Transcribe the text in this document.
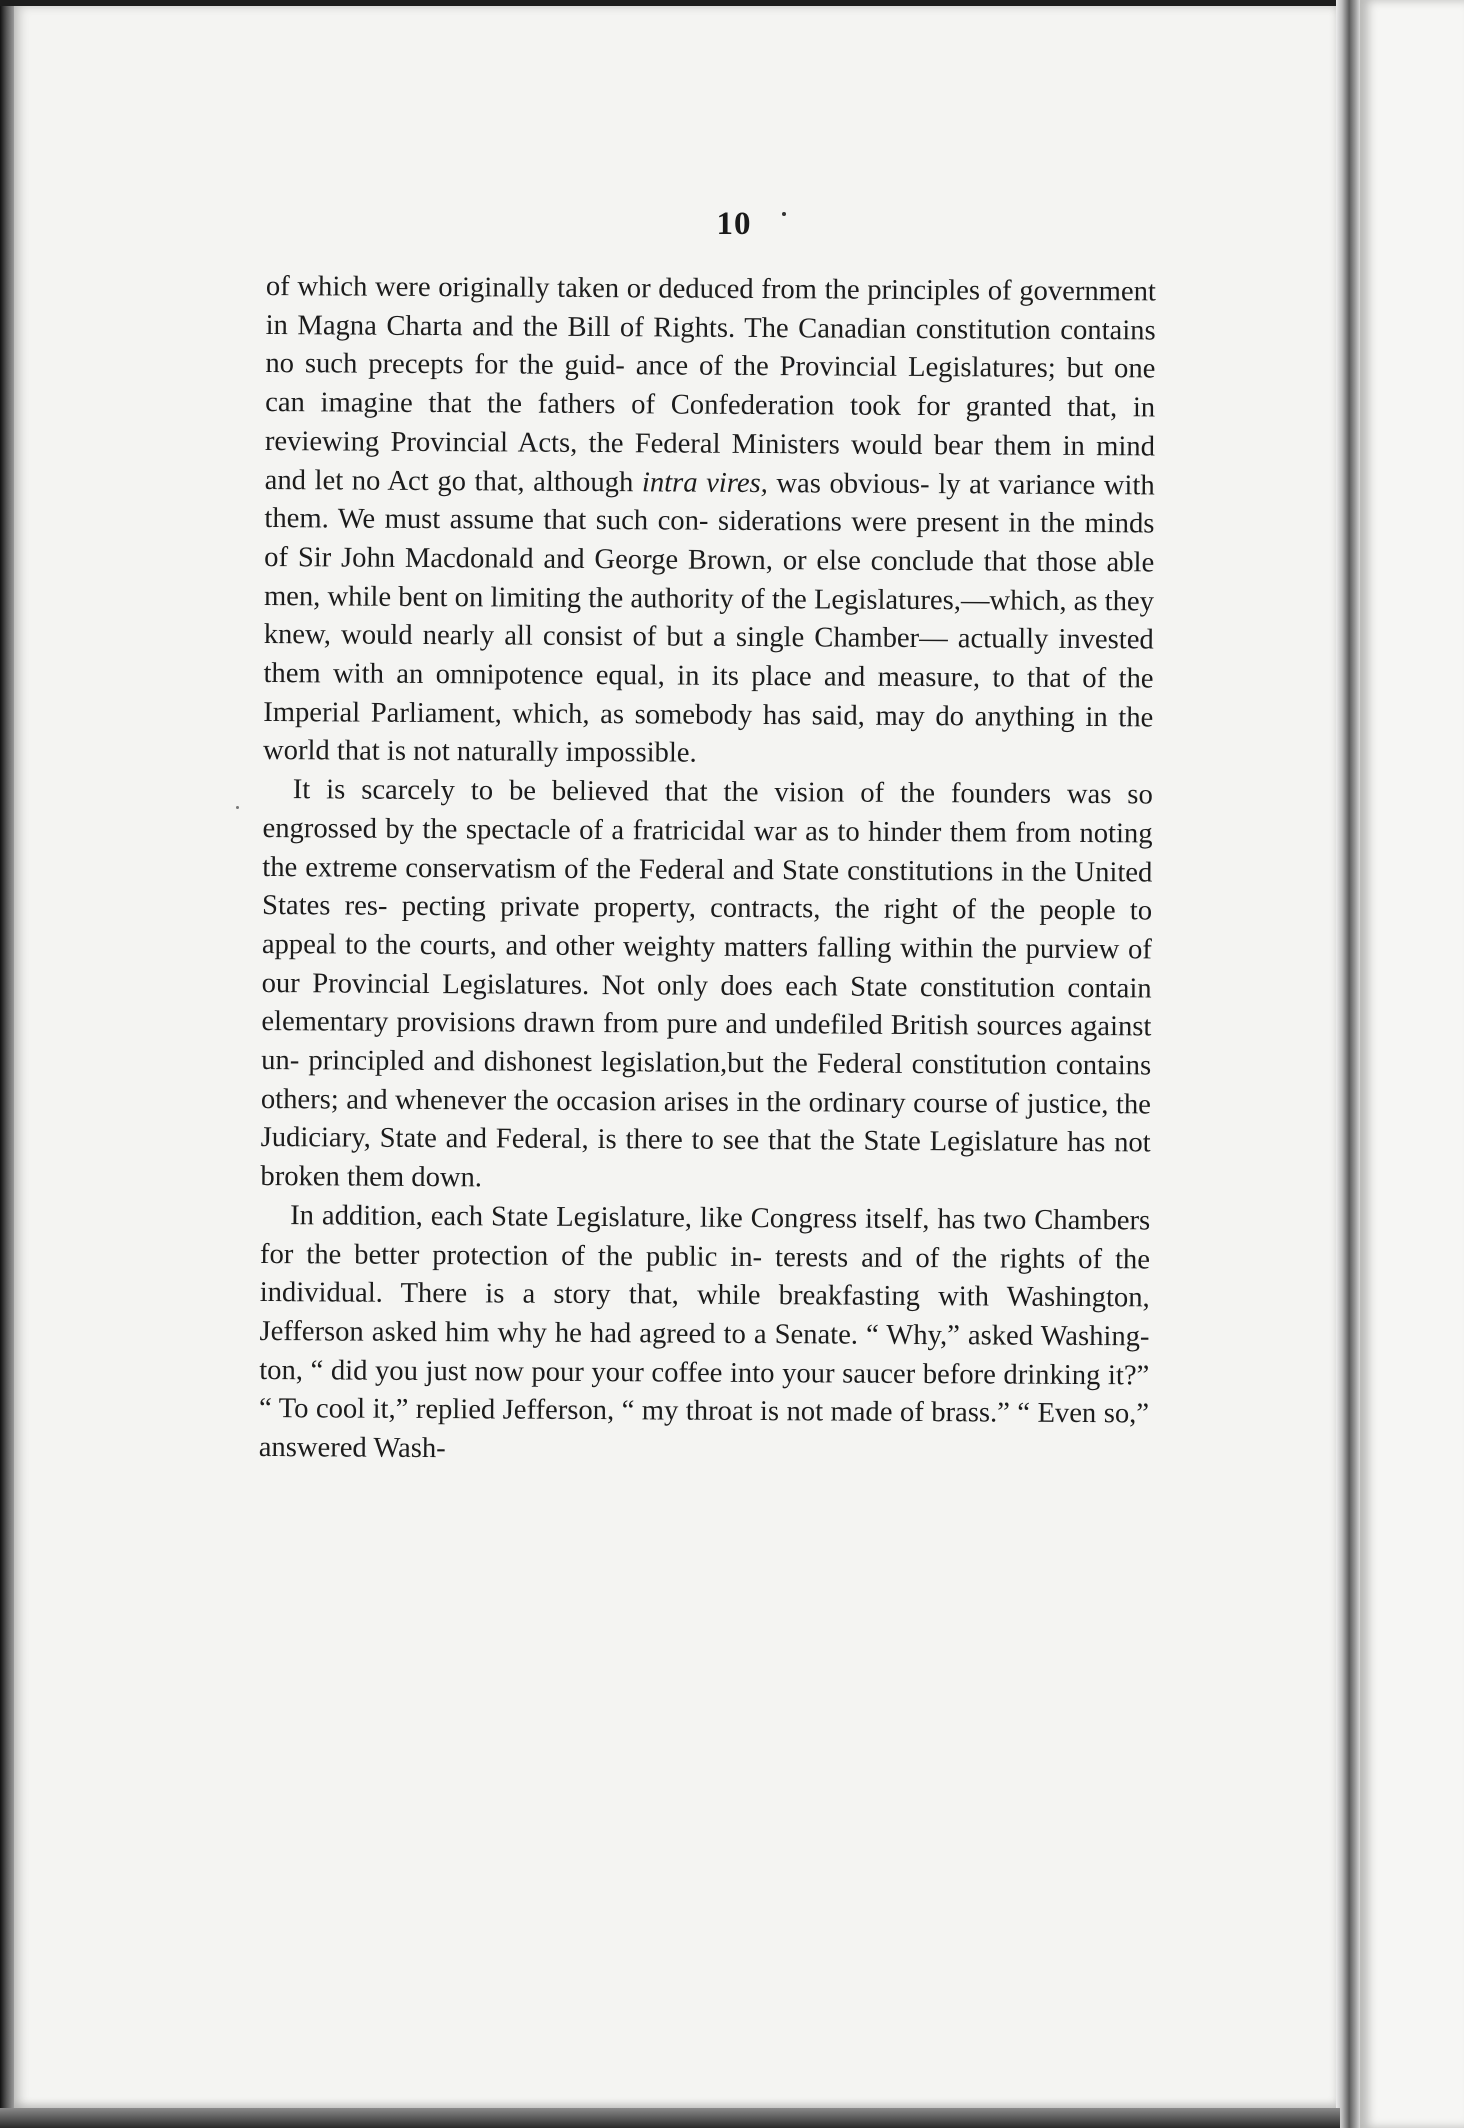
10

of which were originally taken or deduced from the principles of government in Magna Charta and the Bill of Rights. The Canadian constitution contains no such precepts for the guid- ance of the Provincial Legislatures; but one can imagine that the fathers of Confederation took for granted that, in reviewing Provincial Acts, the Federal Ministers would bear them in mind and let no Act go that, although intra vires, was obvious- ly at variance with them. We must assume that such con- siderations were present in the minds of Sir John Macdonald and George Brown, or else conclude that those able men, while bent on limiting the authority of the Legislatures,—which, as they knew, would nearly all consist of but a single Chamber— actually invested them with an omnipotence equal, in its place and measure, to that of the Imperial Parliament, which, as somebody has said, may do anything in the world that is not naturally impossible.

It is scarcely to be believed that the vision of the founders was so engrossed by the spectacle of a fratricidal war as to hinder them from noting the extreme conservatism of the Federal and State constitutions in the United States res- pecting private property, contracts, the right of the people to appeal to the courts, and other weighty matters falling within the purview of our Provincial Legislatures. Not only does each State constitution contain elementary provisions drawn from pure and undefiled British sources against un- principled and dishonest legislation,but the Federal constitution contains others; and whenever the occasion arises in the ordinary course of justice, the Judiciary, State and Federal, is there to see that the State Legislature has not broken them down.

In addition, each State Legislature, like Congress itself, has two Chambers for the better protection of the public in- terests and of the rights of the individual. There is a story that, while breakfasting with Washington, Jefferson asked him why he had agreed to a Senate. “ Why,” asked Washing- ton, “ did you just now pour your coffee into your saucer before drinking it?” “ To cool it,” replied Jefferson, “ my throat is not made of brass.” “ Even so,” answered Wash-
